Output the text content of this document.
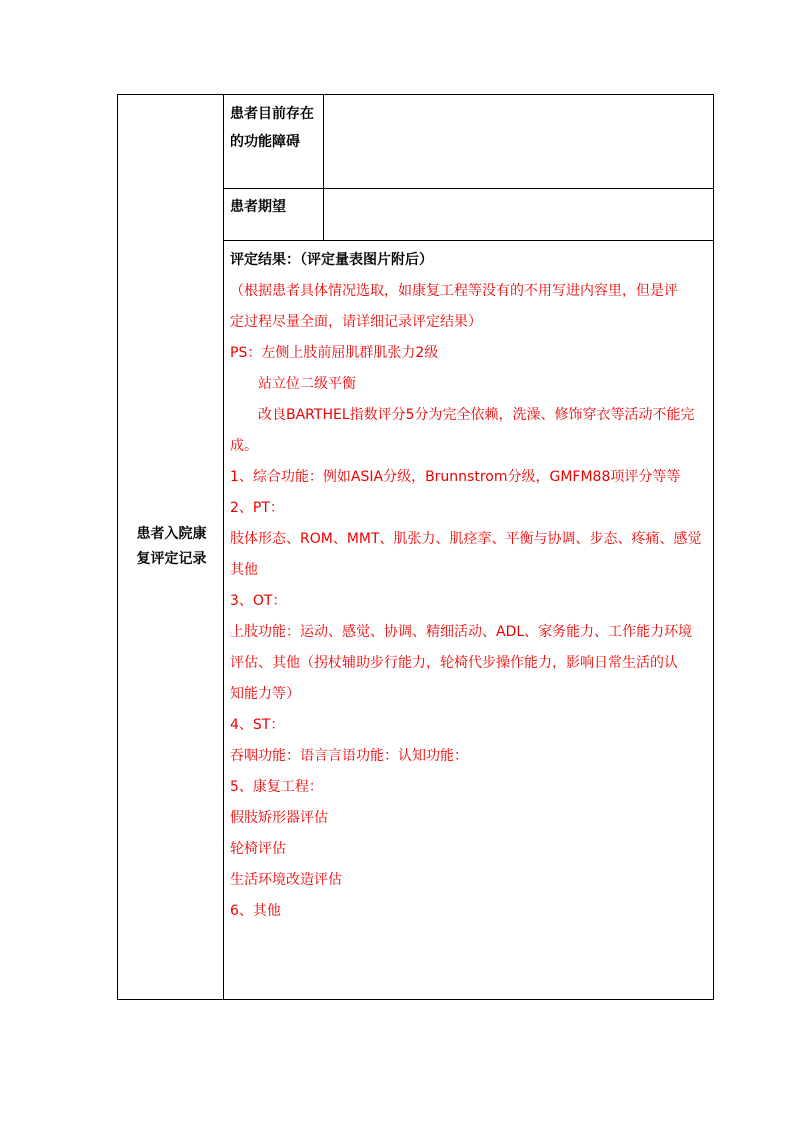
患者入院康复评定记录
患者目前存在的功能障碍
患者期望
评定结果：（评定量表图片附后）
（根据患者具体情况选取，如康复工程等没有的不用写进内容里，但是评
定过程尽量全面，请详细记录评定结果）
PS：左侧上肢前屈肌群肌张力2级
站立位二级平衡
改良BARTHEL指数评分5分为完全依赖，洗澡、修饰穿衣等活动不能完
成。
1、综合功能：例如ASIA分级，Brunnstrom分级，GMFM88项评分等等
2、PT：
肢体形态、ROM、MMT、肌张力、肌痉挛、平衡与协调、步态、疼痛、感觉
其他
3、OT：
上肢功能：运动、感觉、协调、精细活动、ADL、家务能力、工作能力环境
评估、其他（拐杖辅助步行能力，轮椅代步操作能力，影响日常生活的认
知能力等）
4、ST：
吞咽功能：语言言语功能：认知功能：
5、康复工程：
假肢矫形器评估
轮椅评估
生活环境改造评估
6、其他
